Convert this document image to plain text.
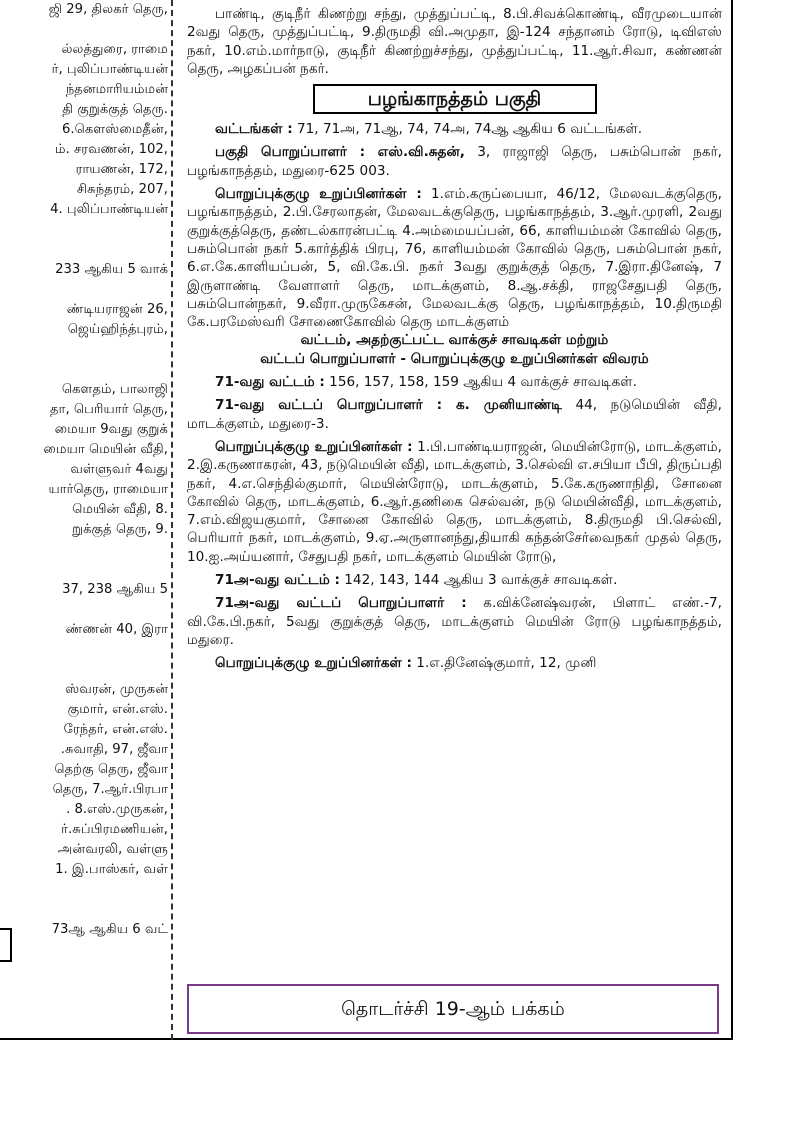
ஜி 29, திலகர் தெரு,

ல்லத்துரை, ராமை

ர், புலிப்பாண்டியன்

ந்தனமாரியம்மன்

தி குறுக்குத் தெரு.

6.கௌஸ்மைதீன்,

ம். சரவணன், 102,

ராயணன், 172,

சிசுந்தரம், 207,

4. புலிப்பாண்டியன்

233 ஆகிய 5 வாக்

ண்டியராஜன் 26,

ஜெய்ஹிந்த்புரம்,

கௌதம், பாலாஜி

தா, பெரியார் தெரு,

மையா 9வது குறுக்

மையா மெயின் வீதி,

வள்ளுவர் 4வது

யார்தெரு, ராமையா

மெயின் வீதி, 8.

றுக்குத் தெரு, 9.

37, 238 ஆகிய 5

ண்ணன் 40, இரா

ஸ்வரன், முருகன்

குமார், என்.எஸ்.

ரேந்தர், என்.எஸ்.

.சுவாதி, 97, ஜீவா

தெற்கு தெரு, ஜீவா

தெரு, 7.ஆர்.பிரபா

. 8.எஸ்.முருகன்,

ர்.சுப்பிரமணியன்,

அன்வரலி, வள்ளு

1. இ.பாஸ்கர், வள்

73ஆ ஆகிய 6 வட்

பாண்டி, குடிநீர் கிணற்று சந்து, முத்துப்பட்டி, 8.பி.சிவக்கொண்டி, வீரமுடையான் 2வது தெரு, முத்துப்பட்டி, 9.திருமதி வி.அமுதா, இ-124 சந்தானம் ரோடு, டிவிஎஸ் நகர், 10.எம்.மார்நாடு, குடிநீர் கிணற்றுச்சந்து, முத்துப்பட்டி, 11.ஆர்.சிவா, கண்ணன் தெரு, அழகப்பன் நகர்.

பழங்காநத்தம் பகுதி

வட்டங்கள் : 71, 71அ, 71ஆ, 74, 74அ, 74ஆ ஆகிய 6 வட்டங்கள்.

பகுதி பொறுப்பாளர் : எஸ்.வி.சுதன், 3, ராஜாஜி தெரு, பசும்பொன் நகர், பழங்காநத்தம், மதுரை-625 003.

பொறுப்புக்குழு உறுப்பினர்கள் : 1.எம்.கருப்பையா, 46/12, மேலவடக்குதெரு, பழங்காநத்தம், 2.பி.சேரலாதன், மேலவடக்குதெரு, பழங்காநத்தம், 3.ஆர்.முரளி, 2வது குறுக்குத்தெரு, தண்டல்காரன்பட்டி 4.அம்மையப்பன், 66, காளியம்மன் கோவில் தெரு, பசும்பொன் நகர் 5.கார்த்திக் பிரபு, 76, காளியம்மன் கோவில் தெரு, பசும்பொன் நகர், 6.எ.கே.காளியப்பன், 5, வி.கே.பி. நகர் 3வது குறுக்குத் தெரு, 7.இரா.தினேஷ், 7 இருளாண்டி வேளாளர் தெரு, மாடக்குளம், 8.ஆ.சக்தி, ராஜசேதுபதி தெரு, பசும்பொன்நகர், 9.வீரா.முருகேசன், மேலவடக்கு தெரு, பழங்காநத்தம், 10.திருமதி கே.பரமேஸ்வரி சோணைகோவில் தெரு மாடக்குளம்

வட்டம், அதற்குட்பட்ட வாக்குச் சாவடிகள் மற்றும்

வட்டப் பொறுப்பாளர் - பொறுப்புக்குழு உறுப்பினர்கள் விவரம்

71-வது வட்டம் : 156, 157, 158, 159 ஆகிய 4 வாக்குச் சாவடிகள்.

71-வது வட்டப் பொறுப்பாளர் : க. முனியாண்டி 44, நடுமெயின் வீதி, மாடக்குளம், மதுரை-3.

பொறுப்புக்குழு உறுப்பினர்கள் : 1.பி.பாண்டியராஜன், மெயின்ரோடு, மாடக்குளம், 2.இ.கருணாகரன், 43, நடுமெயின் வீதி, மாடக்குளம், 3.செல்வி எ.சபியா பீபி, திருப்பதி நகர், 4.எ.செந்தில்குமார், மெயின்ரோடு, மாடக்குளம், 5.கே.கருணாநிதி, சோனை கோவில் தெரு, மாடக்குளம், 6.ஆர்.தணிகை செல்வன், நடு மெயின்வீதி, மாடக்குளம், 7.எம்.விஜயகுமார், சோனை கோவில் தெரு, மாடக்குளம், 8.திருமதி பி.செல்வி, பெரியார் நகர், மாடக்குளம், 9.ஏ.அருளானந்து,தியாகி கந்தன்சேர்வைநகர் முதல் தெரு, 10.ஐ.அய்யனார், சேதுபதி நகர், மாடக்குளம் மெயின் ரோடு,

71அ-வது வட்டம் : 142, 143, 144 ஆகிய 3 வாக்குச் சாவடிகள்.

71அ-வது வட்டப் பொறுப்பாளர் : க.விக்னேஷ்வரன், பிளாட் எண்.-7, வி.கே.பி.நகர், 5வது குறுக்குத் தெரு, மாடக்குளம் மெயின் ரோடு பழங்காநத்தம், மதுரை.

பொறுப்புக்குழு உறுப்பினர்கள் : 1.எ.தினேஷ்குமார், 12, முனி

தொடர்ச்சி 19-ஆம் பக்கம்
